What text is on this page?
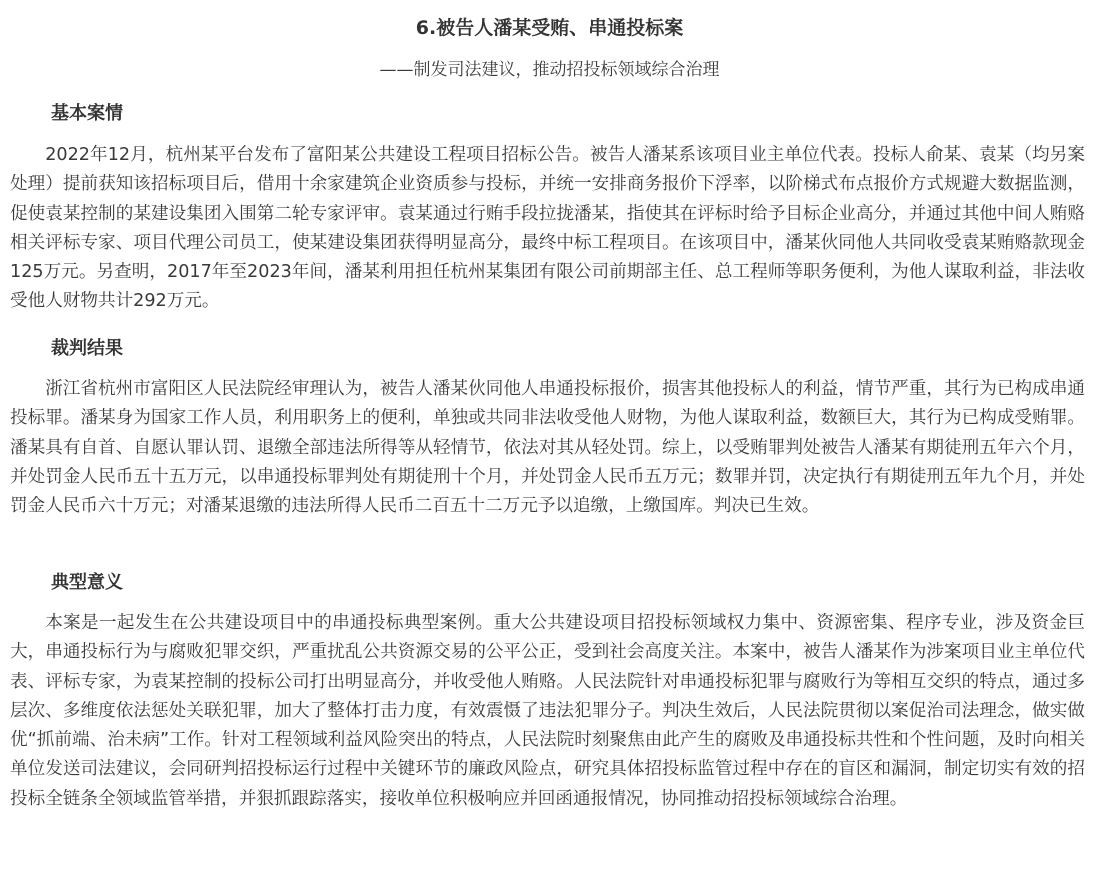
6.被告人潘某受贿、串通投标案
——制发司法建议，推动招投标领域综合治理
基本案情

2022年12月，杭州某平台发布了富阳某公共建设工程项目招标公告。被告人潘某系该项目业主单位代表。投标人俞某、袁某（均另案处理）提前获知该招标项目后，借用十余家建筑企业资质参与投标，并统一安排商务报价下浮率，以阶梯式布点报价方式规避大数据监测，促使袁某控制的某建设集团入围第二轮专家评审。袁某通过行贿手段拉拢潘某，指使其在评标时给予目标企业高分，并通过其他中间人贿赂相关评标专家、项目代理公司员工，使某建设集团获得明显高分，最终中标工程项目。在该项目中，潘某伙同他人共同收受袁某贿赂款现金125万元。另查明，2017年至2023年间，潘某利用担任杭州某集团有限公司前期部主任、总工程师等职务便利，为他人谋取利益，非法收受他人财物共计292万元。

裁判结果

浙江省杭州市富阳区人民法院经审理认为，被告人潘某伙同他人串通投标报价，损害其他投标人的利益，情节严重，其行为已构成串通投标罪。潘某身为国家工作人员，利用职务上的便利，单独或共同非法收受他人财物，为他人谋取利益，数额巨大，其行为已构成受贿罪。潘某具有自首、自愿认罪认罚、退缴全部违法所得等从轻情节，依法对其从轻处罚。综上，以受贿罪判处被告人潘某有期徒刑五年六个月，并处罚金人民币五十五万元，以串通投标罪判处有期徒刑十个月，并处罚金人民币五万元；数罪并罚，决定执行有期徒刑五年九个月，并处罚金人民币六十万元；对潘某退缴的违法所得人民币二百五十二万元予以追缴，上缴国库。判决已生效。

典型意义

本案是一起发生在公共建设项目中的串通投标典型案例。重大公共建设项目招投标领域权力集中、资源密集、程序专业，涉及资金巨大，串通投标行为与腐败犯罪交织，严重扰乱公共资源交易的公平公正，受到社会高度关注。本案中，被告人潘某作为涉案项目业主单位代表、评标专家，为袁某控制的投标公司打出明显高分，并收受他人贿赂。人民法院针对串通投标犯罪与腐败行为等相互交织的特点，通过多层次、多维度依法惩处关联犯罪，加大了整体打击力度，有效震慑了违法犯罪分子。判决生效后，人民法院贯彻以案促治司法理念，做实做优“抓前端、治未病”工作。针对工程领域利益风险突出的特点，人民法院时刻聚焦由此产生的腐败及串通投标共性和个性问题，及时向相关单位发送司法建议，会同研判招投标运行过程中关键环节的廉政风险点，研究具体招投标监管过程中存在的盲区和漏洞，制定切实有效的招投标全链条全领域监管举措，并狠抓跟踪落实，接收单位积极响应并回函通报情况，协同推动招投标领域综合治理。
